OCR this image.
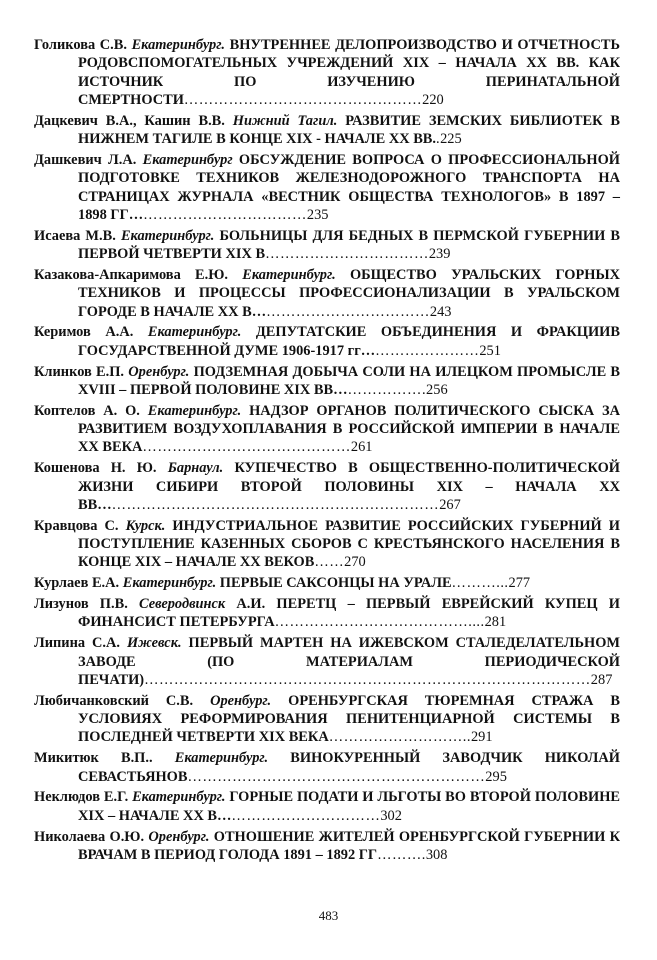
Голикова С.В. Екатеринбург. ВНУТРЕННЕЕ ДЕЛОПРОИЗВОДСТВО И ОТЧЕТНОСТЬ РОДОВСПОМОГАТЕЛЬНЫХ УЧРЕЖДЕНИЙ XIX – НАЧАЛА XX ВВ. КАК ИСТОЧНИК ПО ИЗУЧЕНИЮ ПЕРИНАТАЛЬНОЙ СМЕРТНОСТИ…………………………………………220
Дацкевич В.А., Кашин В.В. Нижний Тагил. РАЗВИТИЕ ЗЕМСКИХ БИБЛИОТЕК В НИЖНЕМ ТАГИЛЕ В КОНЦЕ XIX - НАЧАЛЕ XX ВВ..225
Дашкевич Л.А. Екатеринбург ОБСУЖДЕНИЕ ВОПРОСА О ПРОФЕССИОНАЛЬНОЙ ПОДГОТОВКЕ ТЕХНИКОВ ЖЕЛЕЗНОДОРОЖНОГО ТРАНСПОРТА НА СТРАНИЦАХ ЖУРНАЛА «ВЕСТНИК ОБЩЕСТВА ТЕХНОЛОГОВ» В 1897 – 1898 ГГ………………………………235
Исаева М.В. Екатеринбург. БОЛЬНИЦЫ ДЛЯ БЕДНЫХ В ПЕРМСКОЙ ГУБЕРНИИ В ПЕРВОЙ ЧЕТВЕРТИ XIX В……………………………239
Казакова-Апкаримова Е.Ю. Екатеринбург. ОБЩЕСТВО УРАЛЬСКИХ ГОРНЫХ ТЕХНИКОВ И ПРОЦЕССЫ ПРОФЕССИОНАЛИЗАЦИИ В УРАЛЬСКОМ ГОРОДЕ В НАЧАЛЕ XX В………………………………243
Керимов А.А. Екатеринбург. ДЕПУТАТСКИЕ ОБЪЕДИНЕНИЯ И ФРАКЦИИВ ГОСУДАРСТВЕННОЙ ДУМЕ 1906-1917 гг……………………251
Клинков Е.П. Оренбург. ПОДЗЕМНАЯ ДОБЫЧА СОЛИ НА ИЛЕЦКОМ ПРОМЫСЛЕ В XVIII – ПЕРВОЙ ПОЛОВИНЕ XIX ВВ……………….256
Коптелов А. О. Екатеринбург. НАДЗОР ОРГАНОВ ПОЛИТИЧЕСКОГО СЫСКА ЗА РАЗВИТИЕМ ВОЗДУХОПЛАВАНИЯ В РОССИЙСКОЙ ИМПЕРИИ В НАЧАЛЕ XX ВЕКА……………………………………261
Кошенова Н. Ю. Барнаул. КУПЕЧЕСТВО В ОБЩЕСТВЕННО-ПОЛИТИЧЕСКОЙ ЖИЗНИ СИБИРИ ВТОРОЙ ПОЛОВИНЫ XIX – НАЧАЛА XX ВВ……………………………………………………………267
Кравцова С. Курск. ИНДУСТРИАЛЬНОЕ РАЗВИТИЕ РОССИЙСКИХ ГУБЕРНИЙ И ПОСТУПЛЕНИЕ КАЗЕННЫХ СБОРОВ С КРЕСТЬЯНСКОГО НАСЕЛЕНИЯ В КОНЦЕ XIX – НАЧАЛЕ XX ВЕКОВ……270
Курлаев Е.А. Екатеринбург. ПЕРВЫЕ САКСОНЦЫ НА УРАЛЕ………...277
Лизунов П.В. Северодвинск А.И. ПЕРЕТЦ – ПЕРВЫЙ ЕВРЕЙСКИЙ КУПЕЦ И ФИНАНСИСТ ПЕТЕРБУРГА…………………………………....281
Липина С.А. Ижевск. ПЕРВЫЙ МАРТЕН НА ИЖЕВСКОМ СТАЛЕДЕЛАТЕЛЬНОМ ЗАВОДЕ (ПО МАТЕРИАЛАМ ПЕРИОДИЧЕСКОЙ ПЕЧАТИ)………………………………………………………………………………287
Любичанковский С.В. Оренбург. ОРЕНБУРГСКАЯ ТЮРЕМНАЯ СТРАЖА В УСЛОВИЯХ РЕФОРМИРОВАНИЯ ПЕНИТЕНЦИАРНОЙ СИСТЕМЫ В ПОСЛЕДНЕЙ ЧЕТВЕРТИ XIX ВЕКА………………………..291
Микитюк В.П.. Екатеринбург. ВИНОКУРЕННЫЙ ЗАВОДЧИК НИКОЛАЙ СЕВАСТЬЯНОВ……………………………………………………295
Неклюдов Е.Г. Екатеринбург. ГОРНЫЕ ПОДАТИ И ЛЬГОТЫ ВО ВТОРОЙ ПОЛОВИНЕ XIX – НАЧАЛЕ XX В……………………………302
Николаева О.Ю. Оренбург. ОТНОШЕНИЕ ЖИТЕЛЕЙ ОРЕНБУРГСКОЙ ГУБЕРНИИ К ВРАЧАМ В ПЕРИОД ГОЛОДА 1891 – 1892 ГГ……….308
483
